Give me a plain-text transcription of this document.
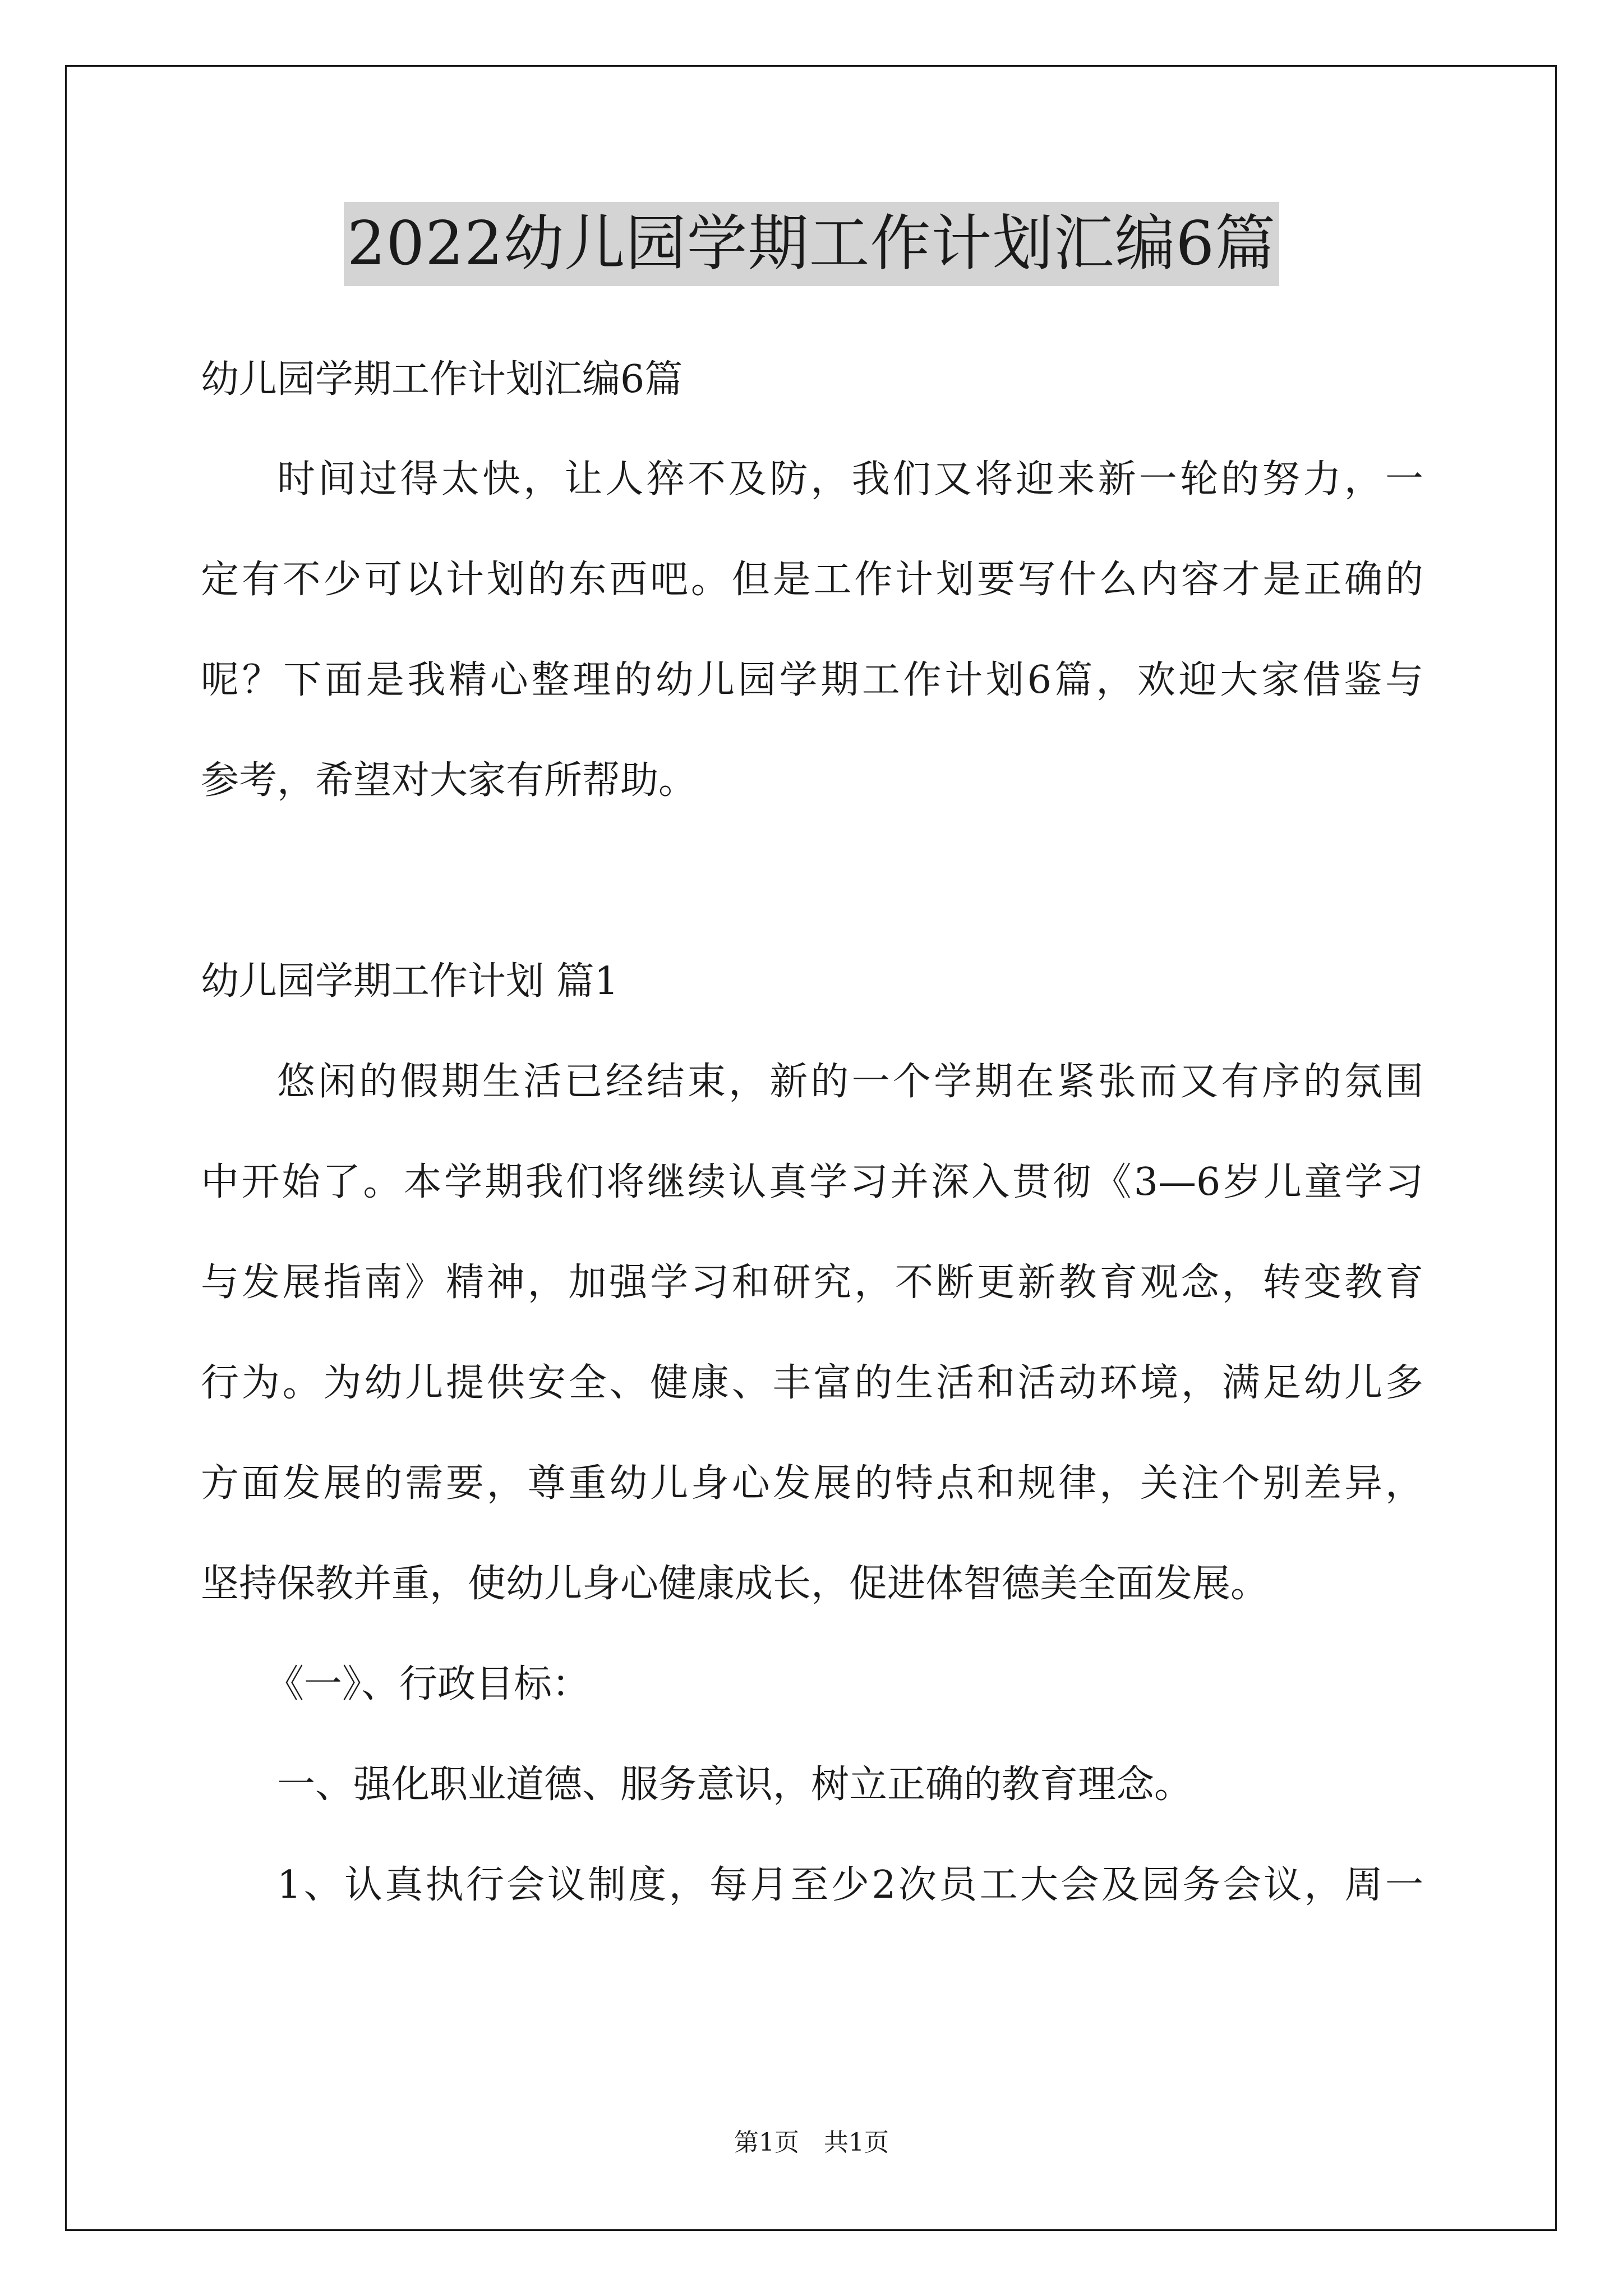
2022幼儿园学期工作计划汇编6篇
幼儿园学期工作计划汇编6篇
时间过得太快，让人猝不及防，我们又将迎来新一轮的努力，一
定有不少可以计划的东西吧。但是工作计划要写什么内容才是正确的
呢？下面是我精心整理的幼儿园学期工作计划6篇，欢迎大家借鉴与
参考，希望对大家有所帮助。
幼儿园学期工作计划 篇1
悠闲的假期生活已经结束，新的一个学期在紧张而又有序的氛围
中开始了。本学期我们将继续认真学习并深入贯彻《3—6岁儿童学习
与发展指南》精神，加强学习和研究，不断更新教育观念，转变教育
行为。为幼儿提供安全、健康、丰富的生活和活动环境，满足幼儿多
方面发展的需要，尊重幼儿身心发展的特点和规律，关注个别差异，
坚持保教并重，使幼儿身心健康成长，促进体智德美全面发展。
《一》、行政目标：
一、强化职业道德、服务意识，树立正确的教育理念。
1、认真执行会议制度，每月至少2次员工大会及园务会议，周一
第1页　共1页
